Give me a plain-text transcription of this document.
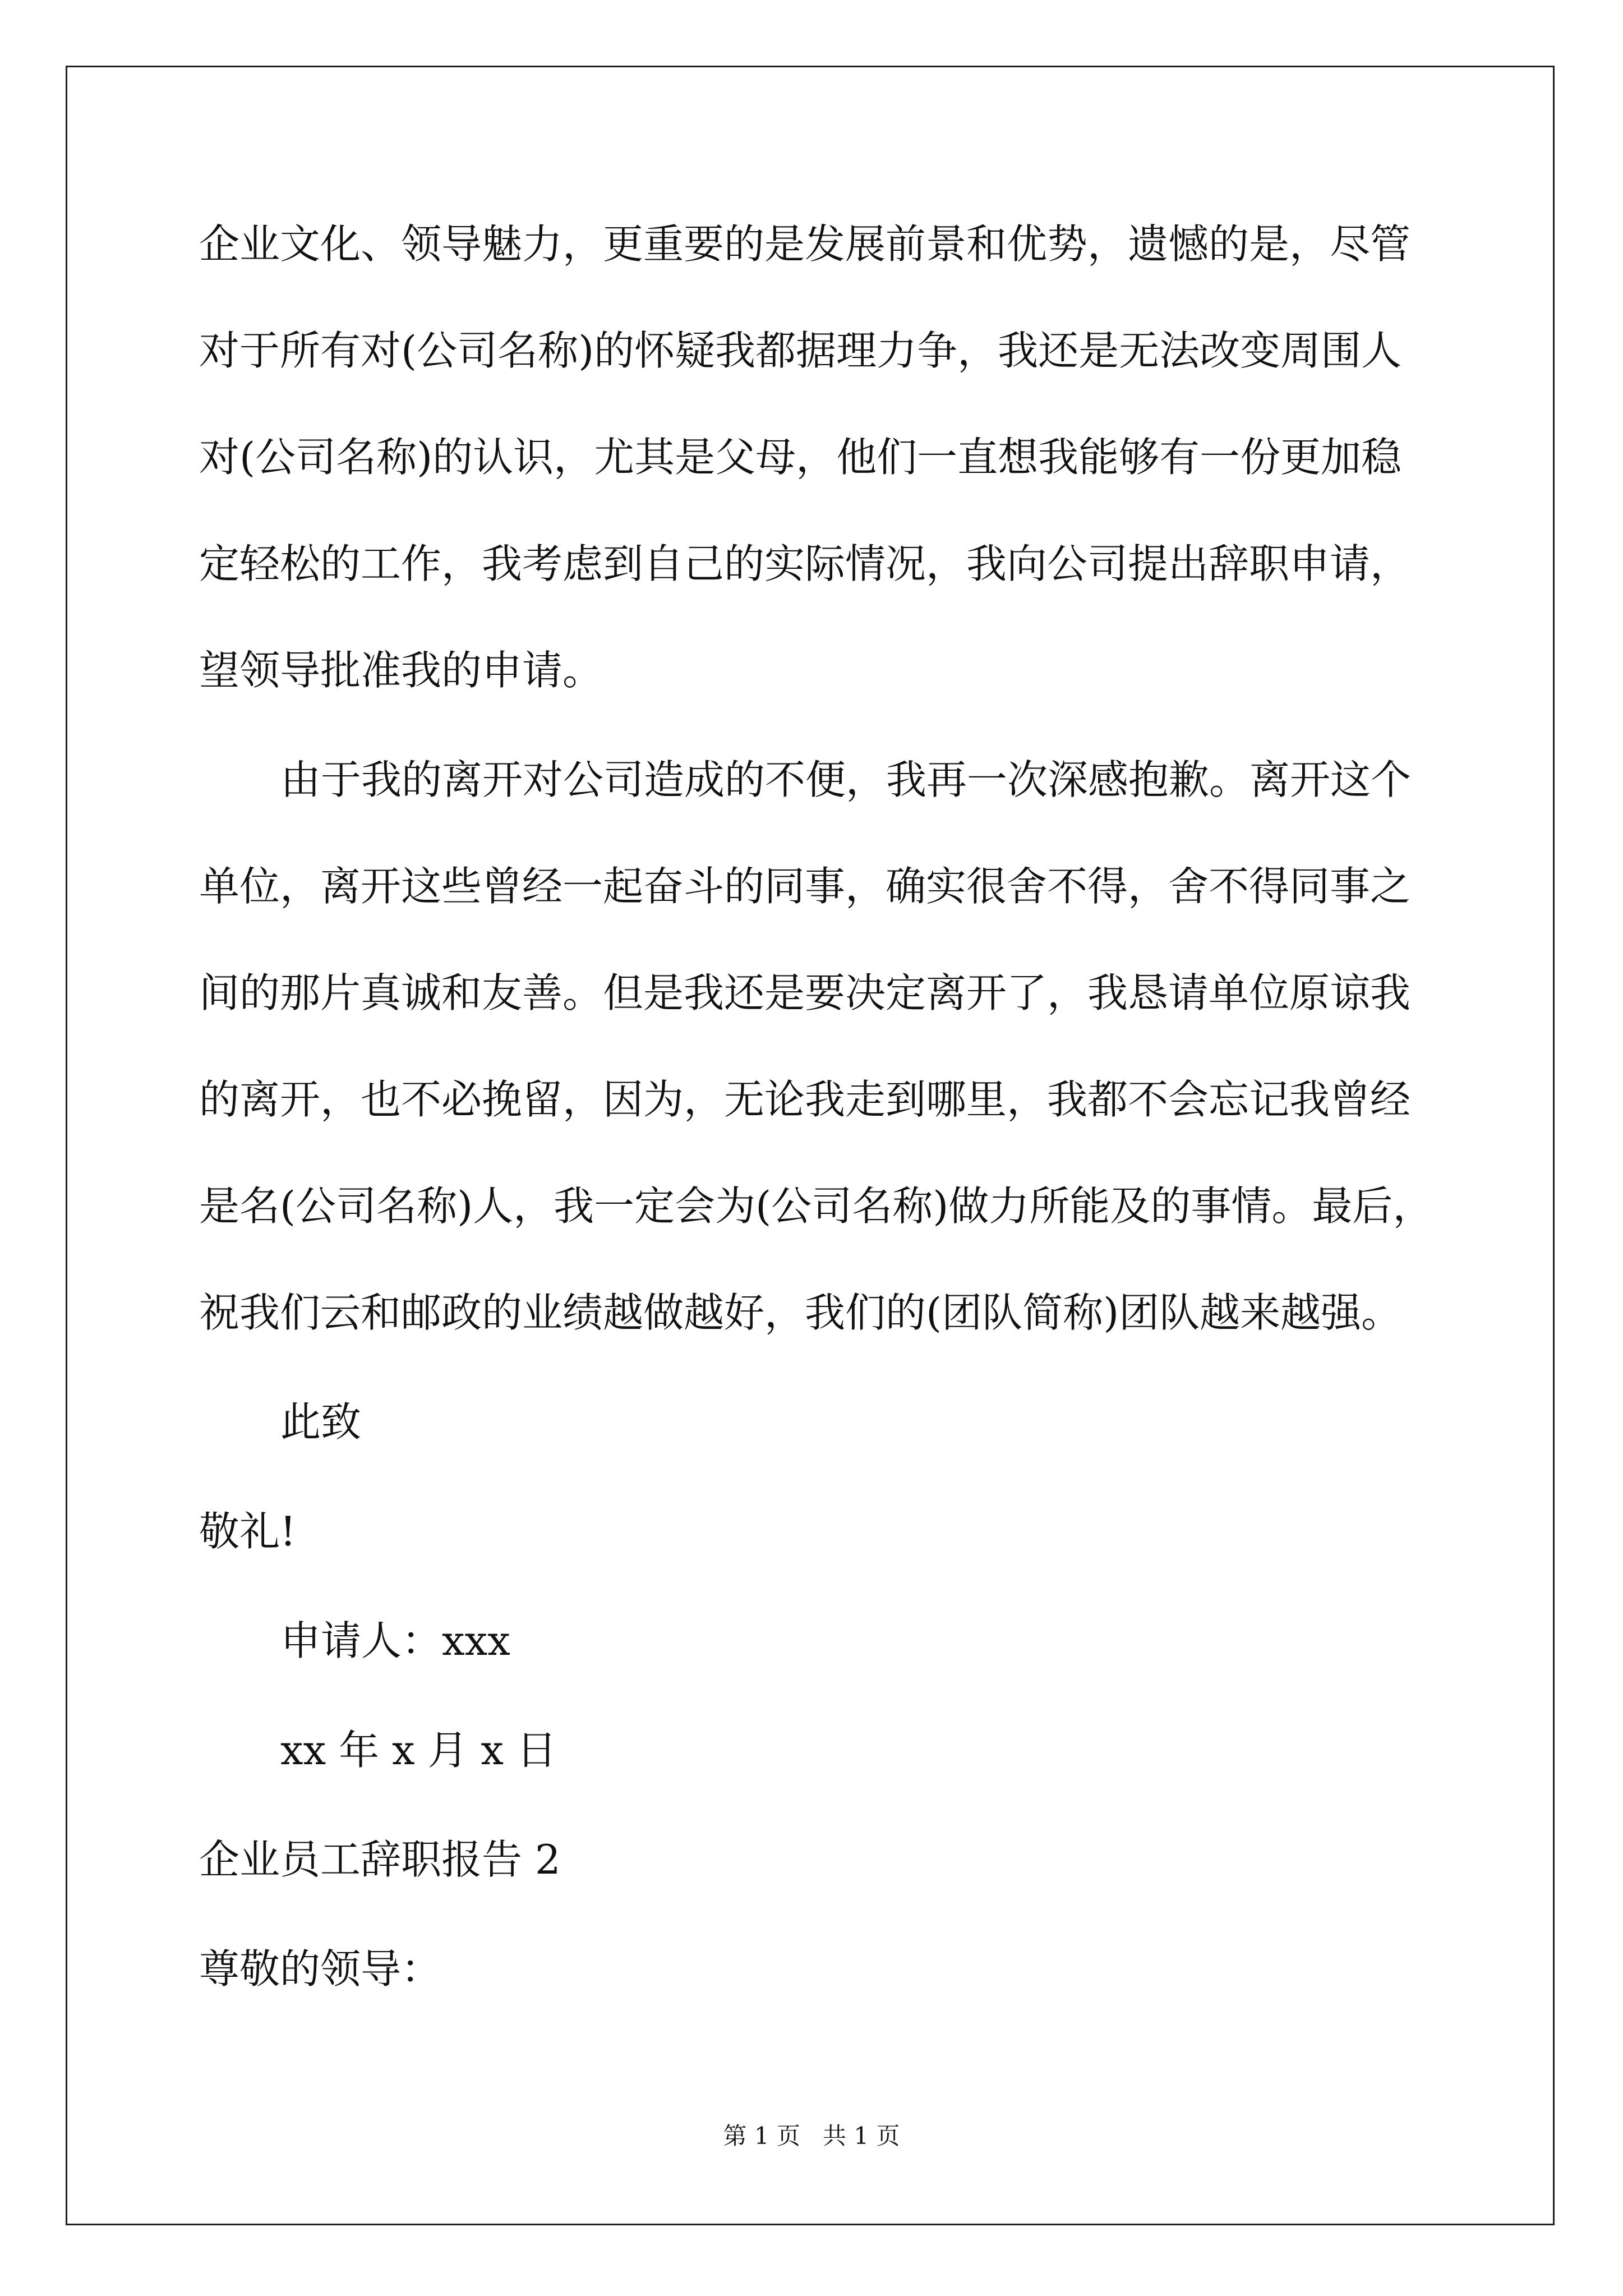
企业文化、领导魅力，更重要的是发展前景和优势，遗憾的是，尽管
对于所有对(公司名称)的怀疑我都据理力争，我还是无法改变周围人
对(公司名称)的认识，尤其是父母，他们一直想我能够有一份更加稳
定轻松的工作，我考虑到自己的实际情况，我向公司提出辞职申请，
望领导批准我的申请。
由于我的离开对公司造成的不便，我再一次深感抱歉。离开这个
单位，离开这些曾经一起奋斗的同事，确实很舍不得，舍不得同事之
间的那片真诚和友善。但是我还是要决定离开了，我恳请单位原谅我
的离开，也不必挽留，因为，无论我走到哪里，我都不会忘记我曾经
是名(公司名称)人，我一定会为(公司名称)做力所能及的事情。最后，
祝我们云和邮政的业绩越做越好，我们的(团队简称)团队越来越强。
此致
敬礼!
申请人：xxx
xx 年 x 月 x 日
企业员工辞职报告 2
尊敬的领导：
第 1 页   共 1 页
